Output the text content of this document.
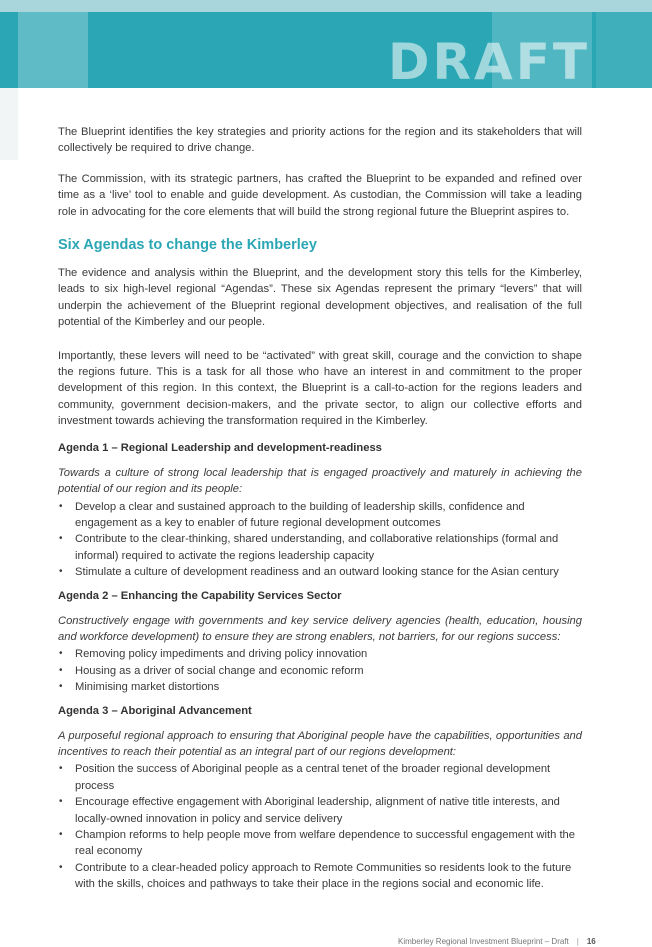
DRAFT

The Blueprint identifies the key strategies and priority actions for the region and its stakeholders that will collectively be required to drive change.

The Commission, with its strategic partners, has crafted the Blueprint to be expanded and refined over time as a ‘live’ tool to enable and guide development. As custodian, the Commission will take a leading role in advocating for the core elements that will build the strong regional future the Blueprint aspires to.

Six Agendas to change the Kimberley

The evidence and analysis within the Blueprint, and the development story this tells for the Kimberley, leads to six high-level regional “Agendas”. These six Agendas represent the primary “levers” that will underpin the achievement of the Blueprint regional development objectives, and realisation of the full potential of the Kimberley and our people.

Importantly, these levers will need to be “activated” with great skill, courage and the conviction to shape the regions future. This is a task for all those who have an interest in and commitment to the proper development of this region. In this context, the Blueprint is a call-to-action for the regions leaders and community, government decision-makers, and the private sector, to align our collective efforts and investment towards achieving the transformation required in the Kimberley.

Agenda 1 – Regional Leadership and development-readiness

Towards a culture of strong local leadership that is engaged proactively and maturely in achieving the potential of our region and its people:

• Develop a clear and sustained approach to the building of leadership skills, confidence and engagement as a key to enabler of future regional development outcomes
• Contribute to the clear-thinking, shared understanding, and collaborative relationships (formal and informal) required to activate the regions leadership capacity
• Stimulate a culture of development readiness and an outward looking stance for the Asian century
Agenda 2 – Enhancing the Capability Services Sector

Constructively engage with governments and key service delivery agencies (health, education, housing and workforce development) to ensure they are strong enablers, not barriers, for our regions success:

• Removing policy impediments and driving policy innovation
• Housing as a driver of social change and economic reform
• Minimising market distortions
Agenda 3 – Aboriginal Advancement

A purposeful regional approach to ensuring that Aboriginal people have the capabilities, opportunities and incentives to reach their potential as an integral part of our regions development:

• Position the success of Aboriginal people as a central tenet of the broader regional development process
• Encourage effective engagement with Aboriginal leadership, alignment of native title interests, and locally-owned innovation in policy and service delivery
• Champion reforms to help people move from welfare dependence to successful engagement with the real economy
• Contribute to a clear-headed policy approach to Remote Communities so residents look to the future with the skills, choices and pathways to take their place in the regions social and economic life.
Kimberley Regional Investment Blueprint – Draft | 16
